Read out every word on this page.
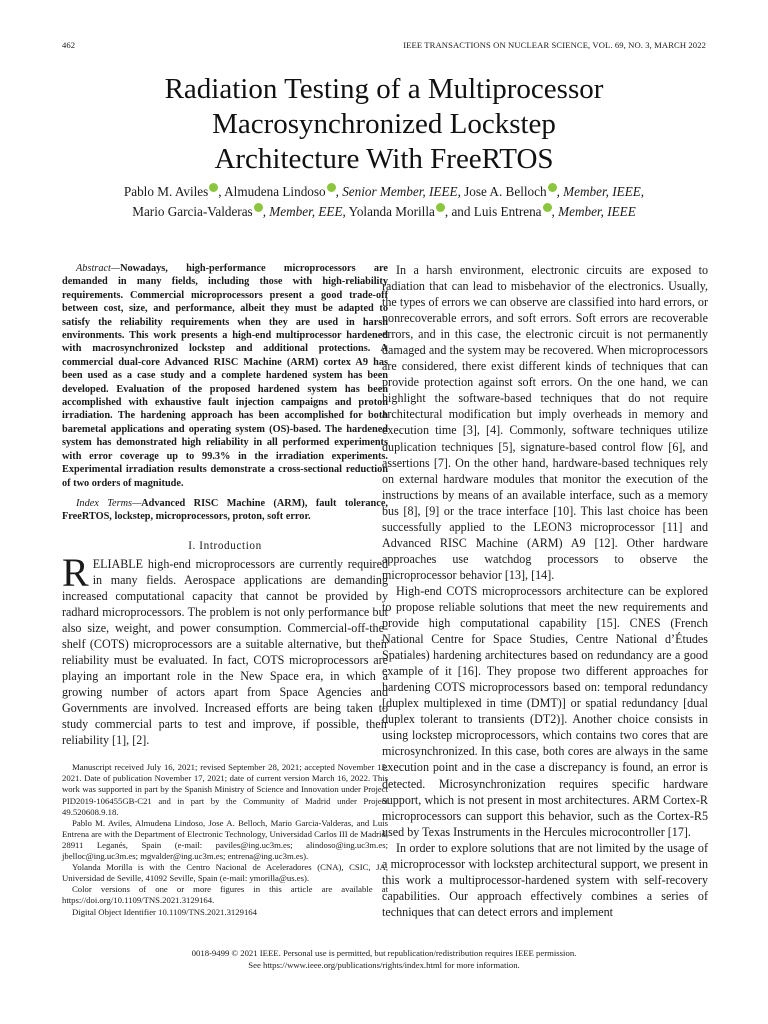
462	IEEE TRANSACTIONS ON NUCLEAR SCIENCE, VOL. 69, NO. 3, MARCH 2022
Radiation Testing of a Multiprocessor
Macrosynchronized Lockstep
Architecture With FreeRTOS
Pablo M. Aviles , Almudena Lindoso , Senior Member, IEEE, Jose A. Belloch , Member, IEEE,
Mario Garcia-Valderas , Member, EEE, Yolanda Morilla , and Luis Entrena , Member, IEEE

Abstract—Nowadays, high-performance microprocessors are demanded in many fields, including those with high-reliability requirements. Commercial microprocessors present a good trade-off between cost, size, and performance, albeit they must be adapted to satisfy the reliability requirements when they are used in harsh environments. This work presents a high-end multiprocessor hardened with macrosynchronized lockstep and additional protections. A commercial dual-core Advanced RISC Machine (ARM) cortex A9 has been used as a case study and a complete hardened system has been developed. Evaluation of the proposed hardened system has been accomplished with exhaustive fault injection campaigns and proton irradiation. The hardening approach has been accomplished for both baremetal applications and operating system (OS)-based. The hardened system has demonstrated high reliability in all performed experiments with error coverage up to 99.3% in the irradiation experiments. Experimental irradiation results demonstrate a cross-sectional reduction of two orders of magnitude.

Index Terms—Advanced RISC Machine (ARM), fault tolerance, FreeRTOS, lockstep, microprocessors, proton, soft error.

I. Introduction

RELIABLE high-end microprocessors are currently required in many fields. Aerospace applications are demanding increased computational capacity that cannot be provided by radhard microprocessors. The problem is not only performance but also size, weight, and power consumption. Commercial-off-the-shelf (COTS) microprocessors are a suitable alternative, but their reliability must be evaluated. In fact, COTS microprocessors are playing an important role in the New Space era, in which a growing number of actors apart from Space Agencies and Governments are involved. Increased efforts are being taken to study commercial parts to test and improve, if possible, their reliability [1], [2].

Manuscript received July 16, 2021; revised September 28, 2021; accepted November 15, 2021. Date of publication November 17, 2021; date of current version March 16, 2022. This work was supported in part by the Spanish Ministry of Science and Innovation under Project PID2019-106455GB-C21 and in part by the Community of Madrid under Project 49.520608.9.18.

Pablo M. Aviles, Almudena Lindoso, Jose A. Belloch, Mario Garcia-Valderas, and Luis Entrena are with the Department of Electronic Technology, Universidad Carlos III de Madrid, 28911 Leganés, Spain (e-mail: paviles@ing.uc3m.es; alindoso@ing.uc3m.es; jbelloc@ing.uc3m.es; mgvalder@ing.uc3m.es; entrena@ing.uc3m.es).

Yolanda Morilla is with the Centro Nacional de Aceleradores (CNA), CSIC, JA, Universidad de Seville, 41092 Seville, Spain (e-mail: ymorilla@us.es).

Color versions of one or more figures in this article are available at https://doi.org/10.1109/TNS.2021.3129164.

Digital Object Identifier 10.1109/TNS.2021.3129164

In a harsh environment, electronic circuits are exposed to radiation that can lead to misbehavior of the electronics. Usually, the types of errors we can observe are classified into hard errors, or nonrecoverable errors, and soft errors. Soft errors are recoverable errors, and in this case, the electronic circuit is not permanently damaged and the system may be recovered. When microprocessors are considered, there exist different kinds of techniques that can provide protection against soft errors. On the one hand, we can highlight the software-based techniques that do not require architectural modification but imply overheads in memory and execution time [3], [4]. Commonly, software techniques utilize duplication techniques [5], signature-based control flow [6], and assertions [7]. On the other hand, hardware-based techniques rely on external hardware modules that monitor the execution of the instructions by means of an available interface, such as a memory bus [8], [9] or the trace interface [10]. This last choice has been successfully applied to the LEON3 microprocessor [11] and Advanced RISC Machine (ARM) A9 [12]. Other hardware approaches use watchdog processors to observe the microprocessor behavior [13], [14].

High-end COTS microprocessors architecture can be explored to propose reliable solutions that meet the new requirements and provide high computational capability [15]. CNES (French National Centre for Space Studies, Centre National d’Études Spatiales) hardening architectures based on redundancy are a good example of it [16]. They propose two different approaches for hardening COTS microprocessors based on: temporal redundancy [duplex multiplexed in time (DMT)] or spatial redundancy [dual duplex tolerant to transients (DT2)]. Another choice consists in using lockstep microprocessors, which contains two cores that are microsynchronized. In this case, both cores are always in the same execution point and in the case a discrepancy is found, an error is detected. Microsynchronization requires specific hardware support, which is not present in most architectures. ARM Cortex-R microprocessors can support this behavior, such as the Cortex-R5 used by Texas Instruments in the Hercules microcontroller [17].

In order to explore solutions that are not limited by the usage of a microprocessor with lockstep architectural support, we present in this work a multiprocessor-hardened system with self-recovery capabilities. Our approach effectively combines a series of techniques that can detect errors and implement

0018-9499 © 2021 IEEE. Personal use is permitted, but republication/redistribution requires IEEE permission.
See https://www.ieee.org/publications/rights/index.html for more information.
